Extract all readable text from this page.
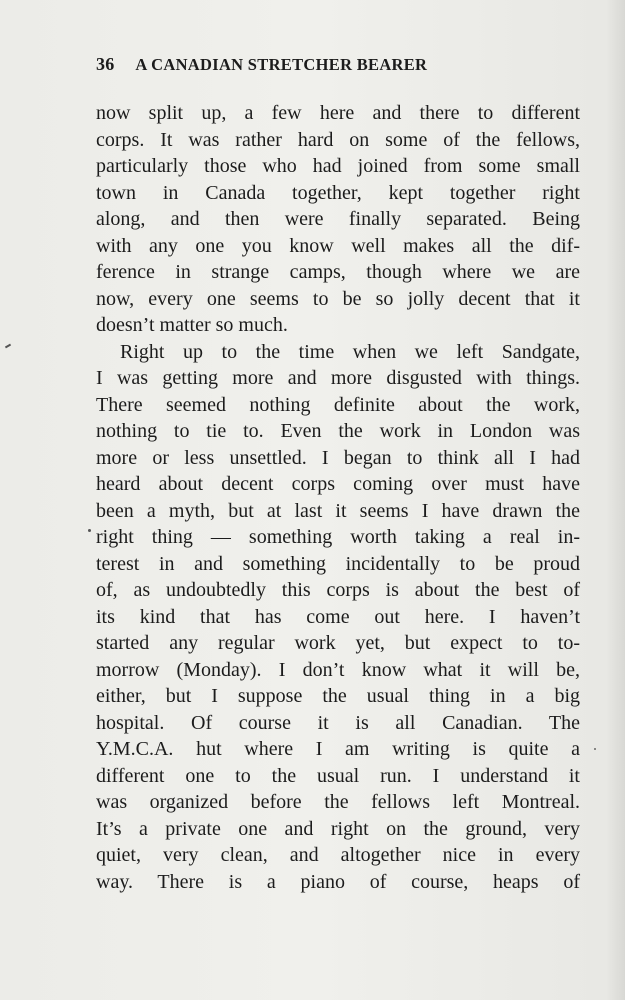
36 A CANADIAN STRETCHER BEARER
now split up, a few here and there to different
corps. It was rather hard on some of the fellows,
particularly those who had joined from some small
town in Canada together, kept together right
along, and then were finally separated. Being
with any one you know well makes all the dif-
ference in strange camps, though where we are
now, every one seems to be so jolly decent that it
doesn’t matter so much.
Right up to the time when we left Sandgate,
I was getting more and more disgusted with things.
There seemed nothing definite about the work,
nothing to tie to. Even the work in London was
more or less unsettled. I began to think all I had
heard about decent corps coming over must have
been a myth, but at last it seems I have drawn the
right thing — something worth taking a real in-
terest in and something incidentally to be proud
of, as undoubtedly this corps is about the best of
its kind that has come out here. I haven’t
started any regular work yet, but expect to to-
morrow (Monday). I don’t know what it will be,
either, but I suppose the usual thing in a big
hospital. Of course it is all Canadian. The
Y.M.C.A. hut where I am writing is quite a
different one to the usual run. I understand it
was organized before the fellows left Montreal.
It’s a private one and right on the ground, very
quiet, very clean, and altogether nice in every
way. There is a piano of course, heaps of
